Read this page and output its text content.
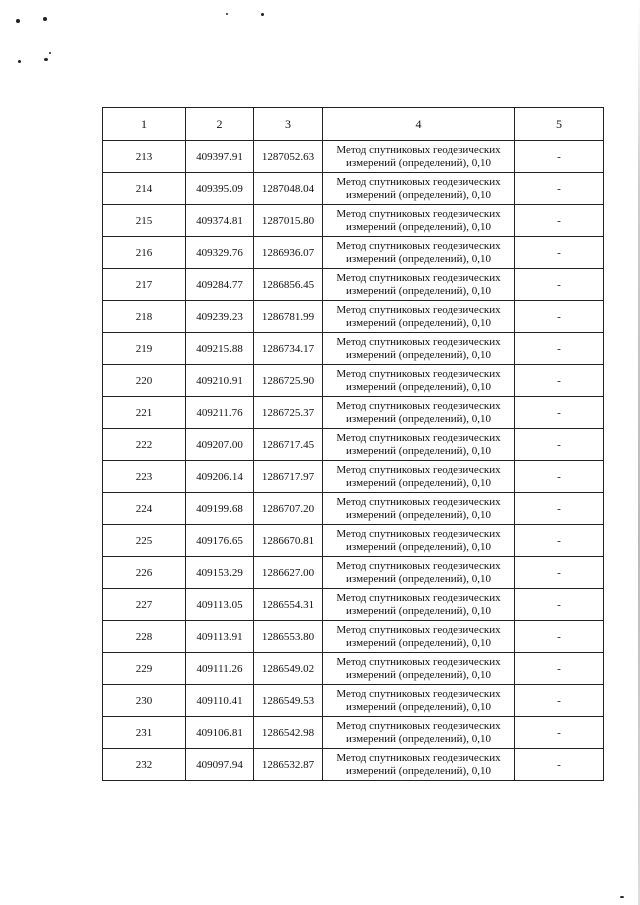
1	2	3	4	5
213	409397.91	1287052.63	Метод спутниковых геодезических измерений (определений), 0,10	-
214	409395.09	1287048.04	Метод спутниковых геодезических измерений (определений), 0,10	-
215	409374.81	1287015.80	Метод спутниковых геодезических измерений (определений), 0,10	-
216	409329.76	1286936.07	Метод спутниковых геодезических измерений (определений), 0,10	-
217	409284.77	1286856.45	Метод спутниковых геодезических измерений (определений), 0,10	-
218	409239.23	1286781.99	Метод спутниковых геодезических измерений (определений), 0,10	-
219	409215.88	1286734.17	Метод спутниковых геодезических измерений (определений), 0,10	-
220	409210.91	1286725.90	Метод спутниковых геодезических измерений (определений), 0,10	-
221	409211.76	1286725.37	Метод спутниковых геодезических измерений (определений), 0,10	-
222	409207.00	1286717.45	Метод спутниковых геодезических измерений (определений), 0,10	-
223	409206.14	1286717.97	Метод спутниковых геодезических измерений (определений), 0,10	-
224	409199.68	1286707.20	Метод спутниковых геодезических измерений (определений), 0,10	-
225	409176.65	1286670.81	Метод спутниковых геодезических измерений (определений), 0,10	-
226	409153.29	1286627.00	Метод спутниковых геодезических измерений (определений), 0,10	-
227	409113.05	1286554.31	Метод спутниковых геодезических измерений (определений), 0,10	-
228	409113.91	1286553.80	Метод спутниковых геодезических измерений (определений), 0,10	-
229	409111.26	1286549.02	Метод спутниковых геодезических измерений (определений), 0,10	-
230	409110.41	1286549.53	Метод спутниковых геодезических измерений (определений), 0,10	-
231	409106.81	1286542.98	Метод спутниковых геодезических измерений (определений), 0,10	-
232	409097.94	1286532.87	Метод спутниковых геодезических измерений (определений), 0,10	-
